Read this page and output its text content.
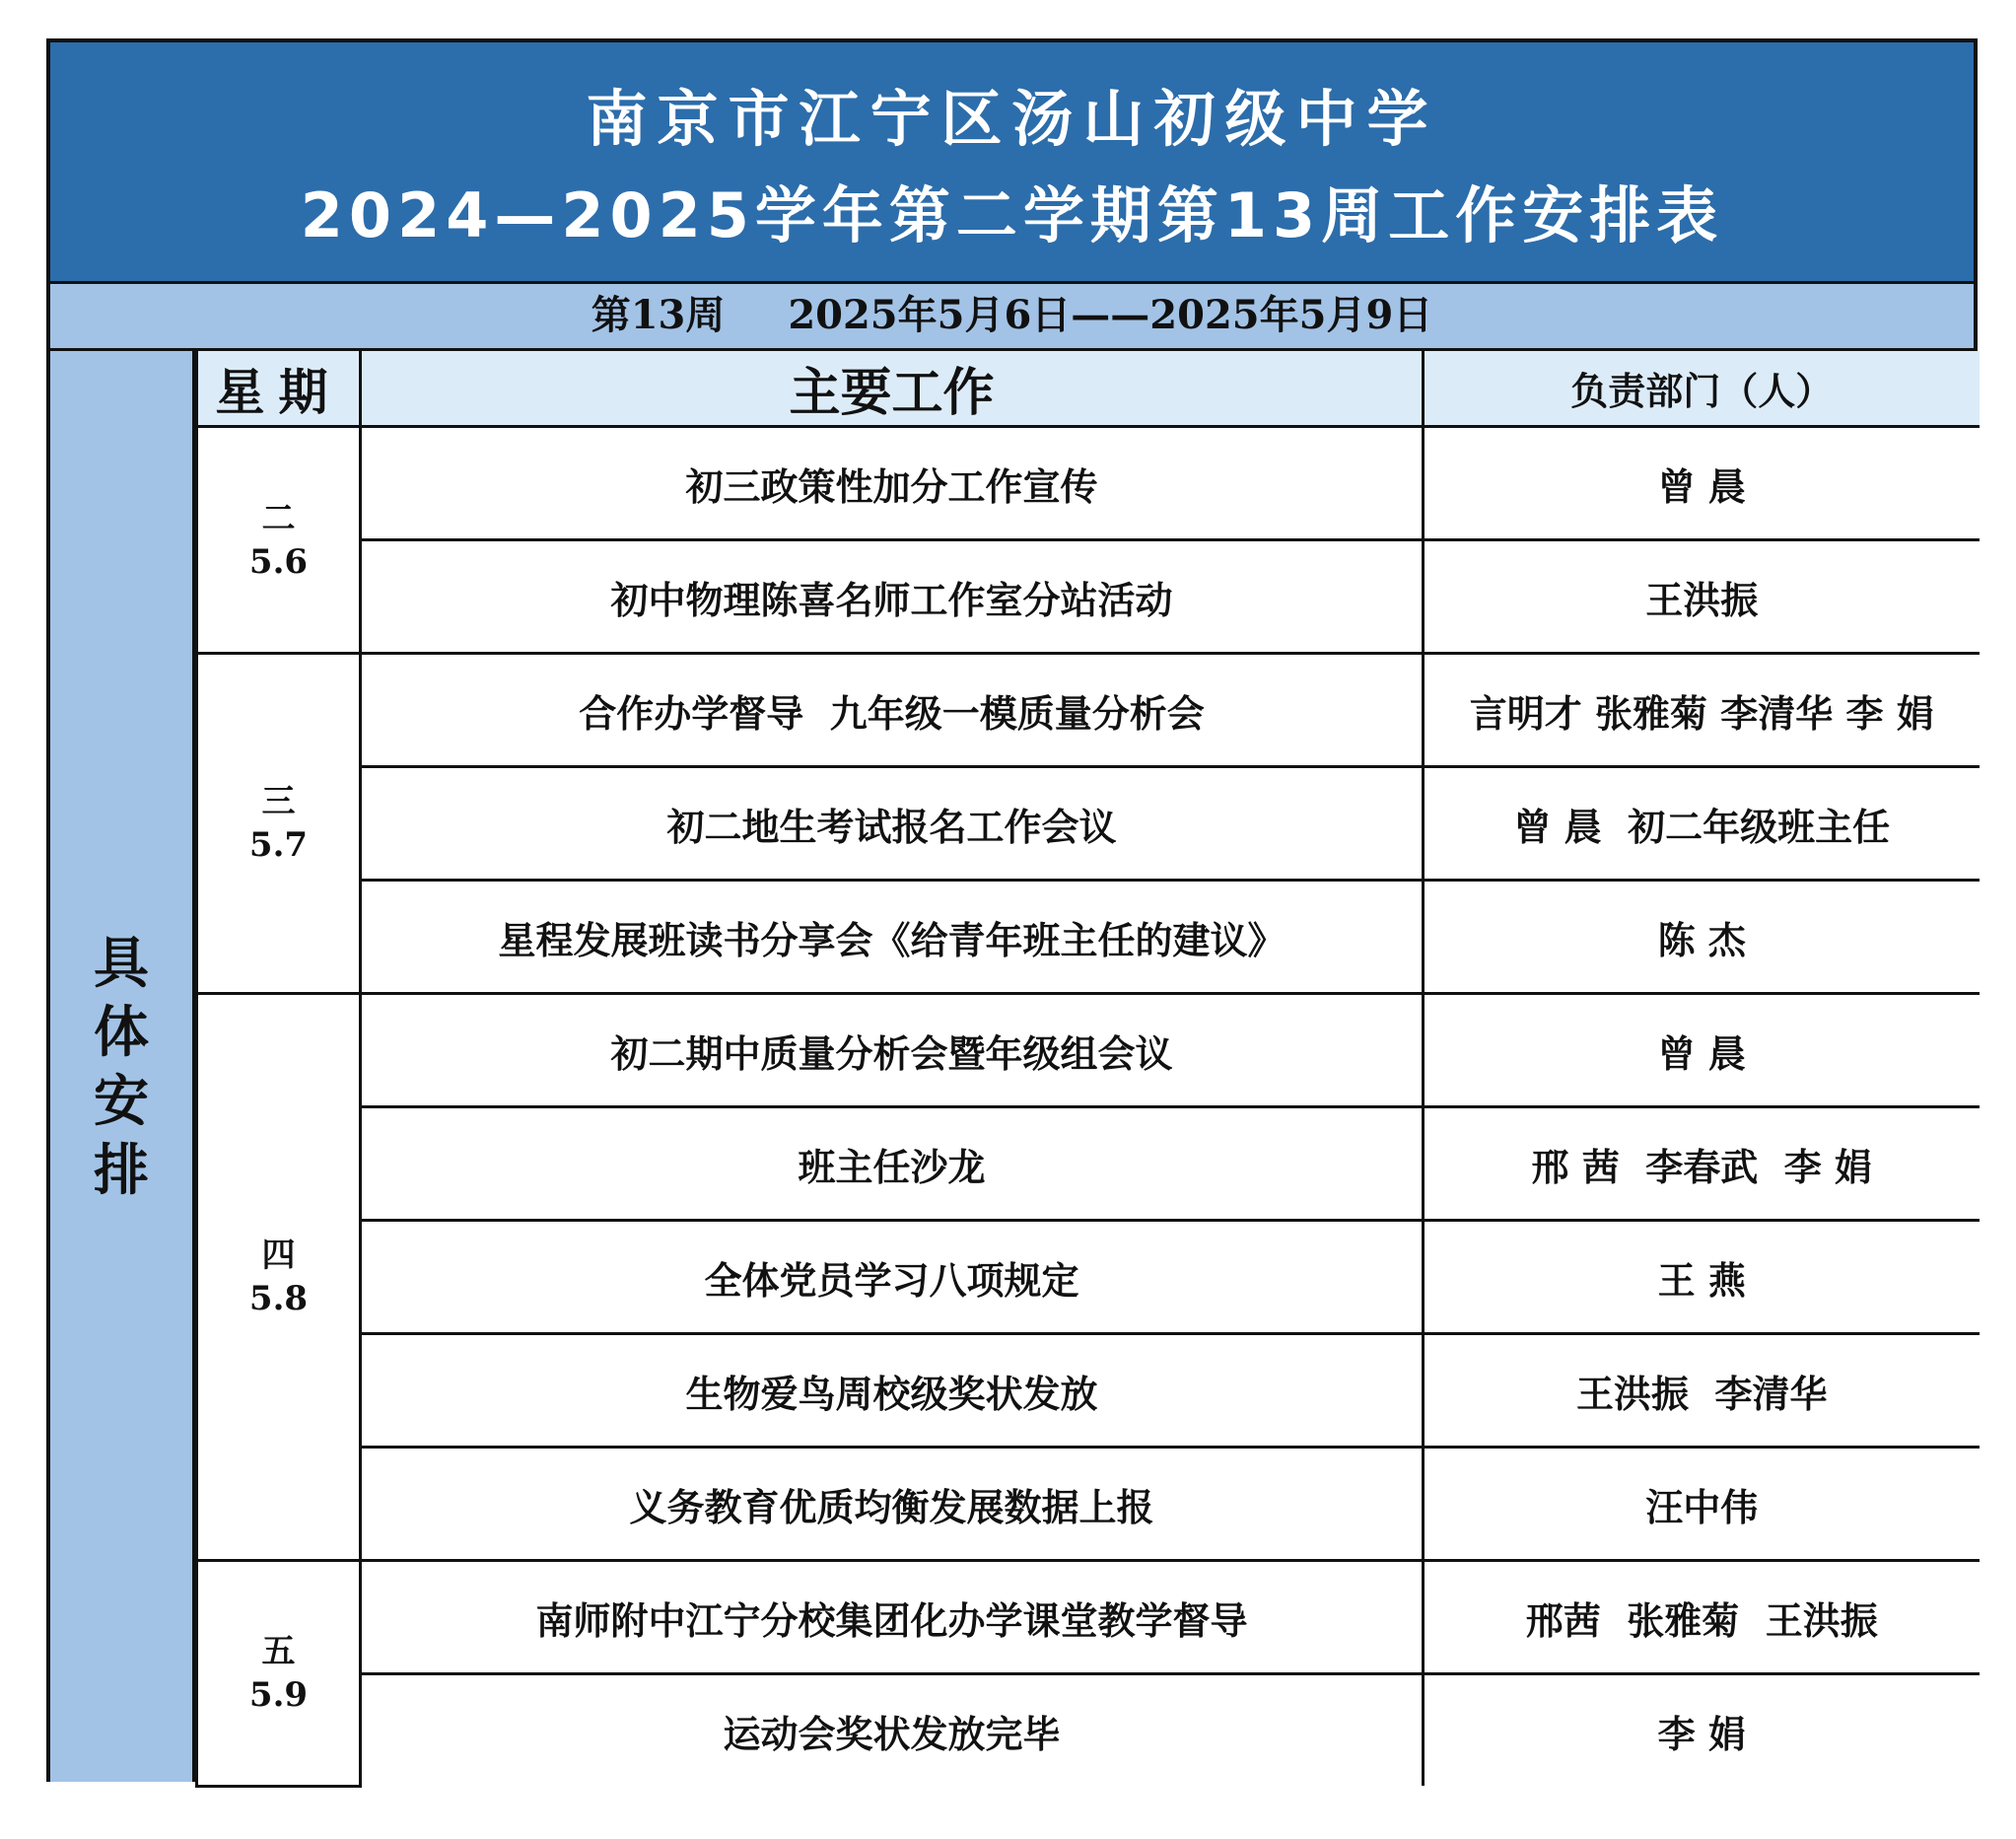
南京市江宁区汤山初级中学
2024—2025学年第二学期第13周工作安排表
第13周 2025年5月6日——2025年5月9日
具体安排
星期	主要工作	负责部门（人）

二
5.6	初三政策性加分工作宣传	曾 晨
	初中物理陈喜名师工作室分站活动	王洪振

三
5.7	合作办学督导  九年级一模质量分析会	言明才 张雅菊 李清华 李 娟
	初二地生考试报名工作会议	曾 晨  初二年级班主任
	星程发展班读书分享会《给青年班主任的建议》	陈 杰

四
5.8	初二期中质量分析会暨年级组会议	曾 晨
	班主任沙龙	邢 茜  李春武  李 娟
	全体党员学习八项规定	王 燕
	生物爱鸟周校级奖状发放	王洪振  李清华
	义务教育优质均衡发展数据上报	汪中伟

五
5.9	南师附中江宁分校集团化办学课堂教学督导	邢茜  张雅菊  王洪振
	运动会奖状发放完毕	李 娟
